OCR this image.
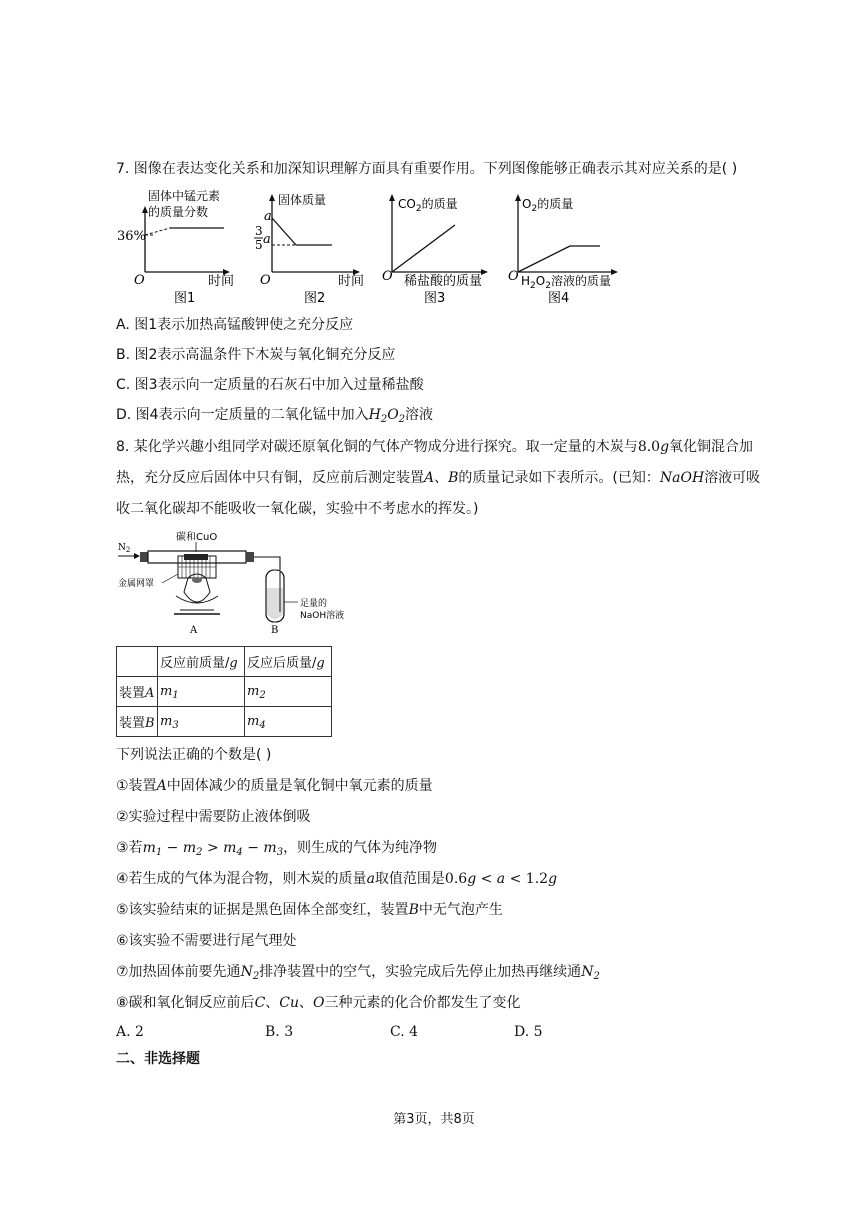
7. 图像在表达变化关系和加深知识理解方面具有重要作用。下列图像能够正确表示其对应关系的是( )
固体中锰元素
的质量分数
36%
O	时间
图1
固体质量
a
3
5 a
O	时间
图2
$CO_2$的质量
O 稀盐酸的质量
图3
$O_2$的质量
O $H_2O_2$溶液的质量
图4
A. 图1表示加热高锰酸钾使之充分反应
B. 图2表示高温条件下木炭与氧化铜充分反应
C. 图3表示向一定质量的石灰石中加入过量稀盐酸
D. 图4表示向一定质量的二氧化锰中加入$H_2O_2$溶液
8. 某化学兴趣小组同学对碳还原氧化铜的气体产物成分进行探究。取一定量的木炭与8.0g氧化铜混合加
热，充分反应后固体中只有铜，反应前后测定装置A、B的质量记录如下表所示。(已知：NaOH溶液可吸
收二氧化碳却不能吸收一氧化碳，实验中不考虑水的挥发。)
$N_2$
碳和CuO
金属网罩
A
足量的
NaOH溶液
B
	反应前质量/g	反应后质量/g
装置A	$m_1$	$m_2$
装置B	$m_3$	$m_4$
下列说法正确的个数是( )
①装置A中固体减少的质量是氧化铜中氧元素的质量
②实验过程中需要防止液体倒吸
③若$m_1 - m_2 > m_4 - m_3$，则生成的气体为纯净物
④若生成的气体为混合物，则木炭的质量a取值范围是0.6g < a < 1.2g
⑤该实验结束的证据是黑色固体全部变红，装置B中无气泡产生
⑥该实验不需要进行尾气理处
⑦加热固体前要先通$N_2$排净装置中的空气，实验完成后先停止加热再继续通$N_2$
⑧碳和氧化铜反应前后C、Cu、O三种元素的化合价都发生了变化
A. 2	B. 3	C. 4	D. 5
二、非选择题
第3页，共8页
